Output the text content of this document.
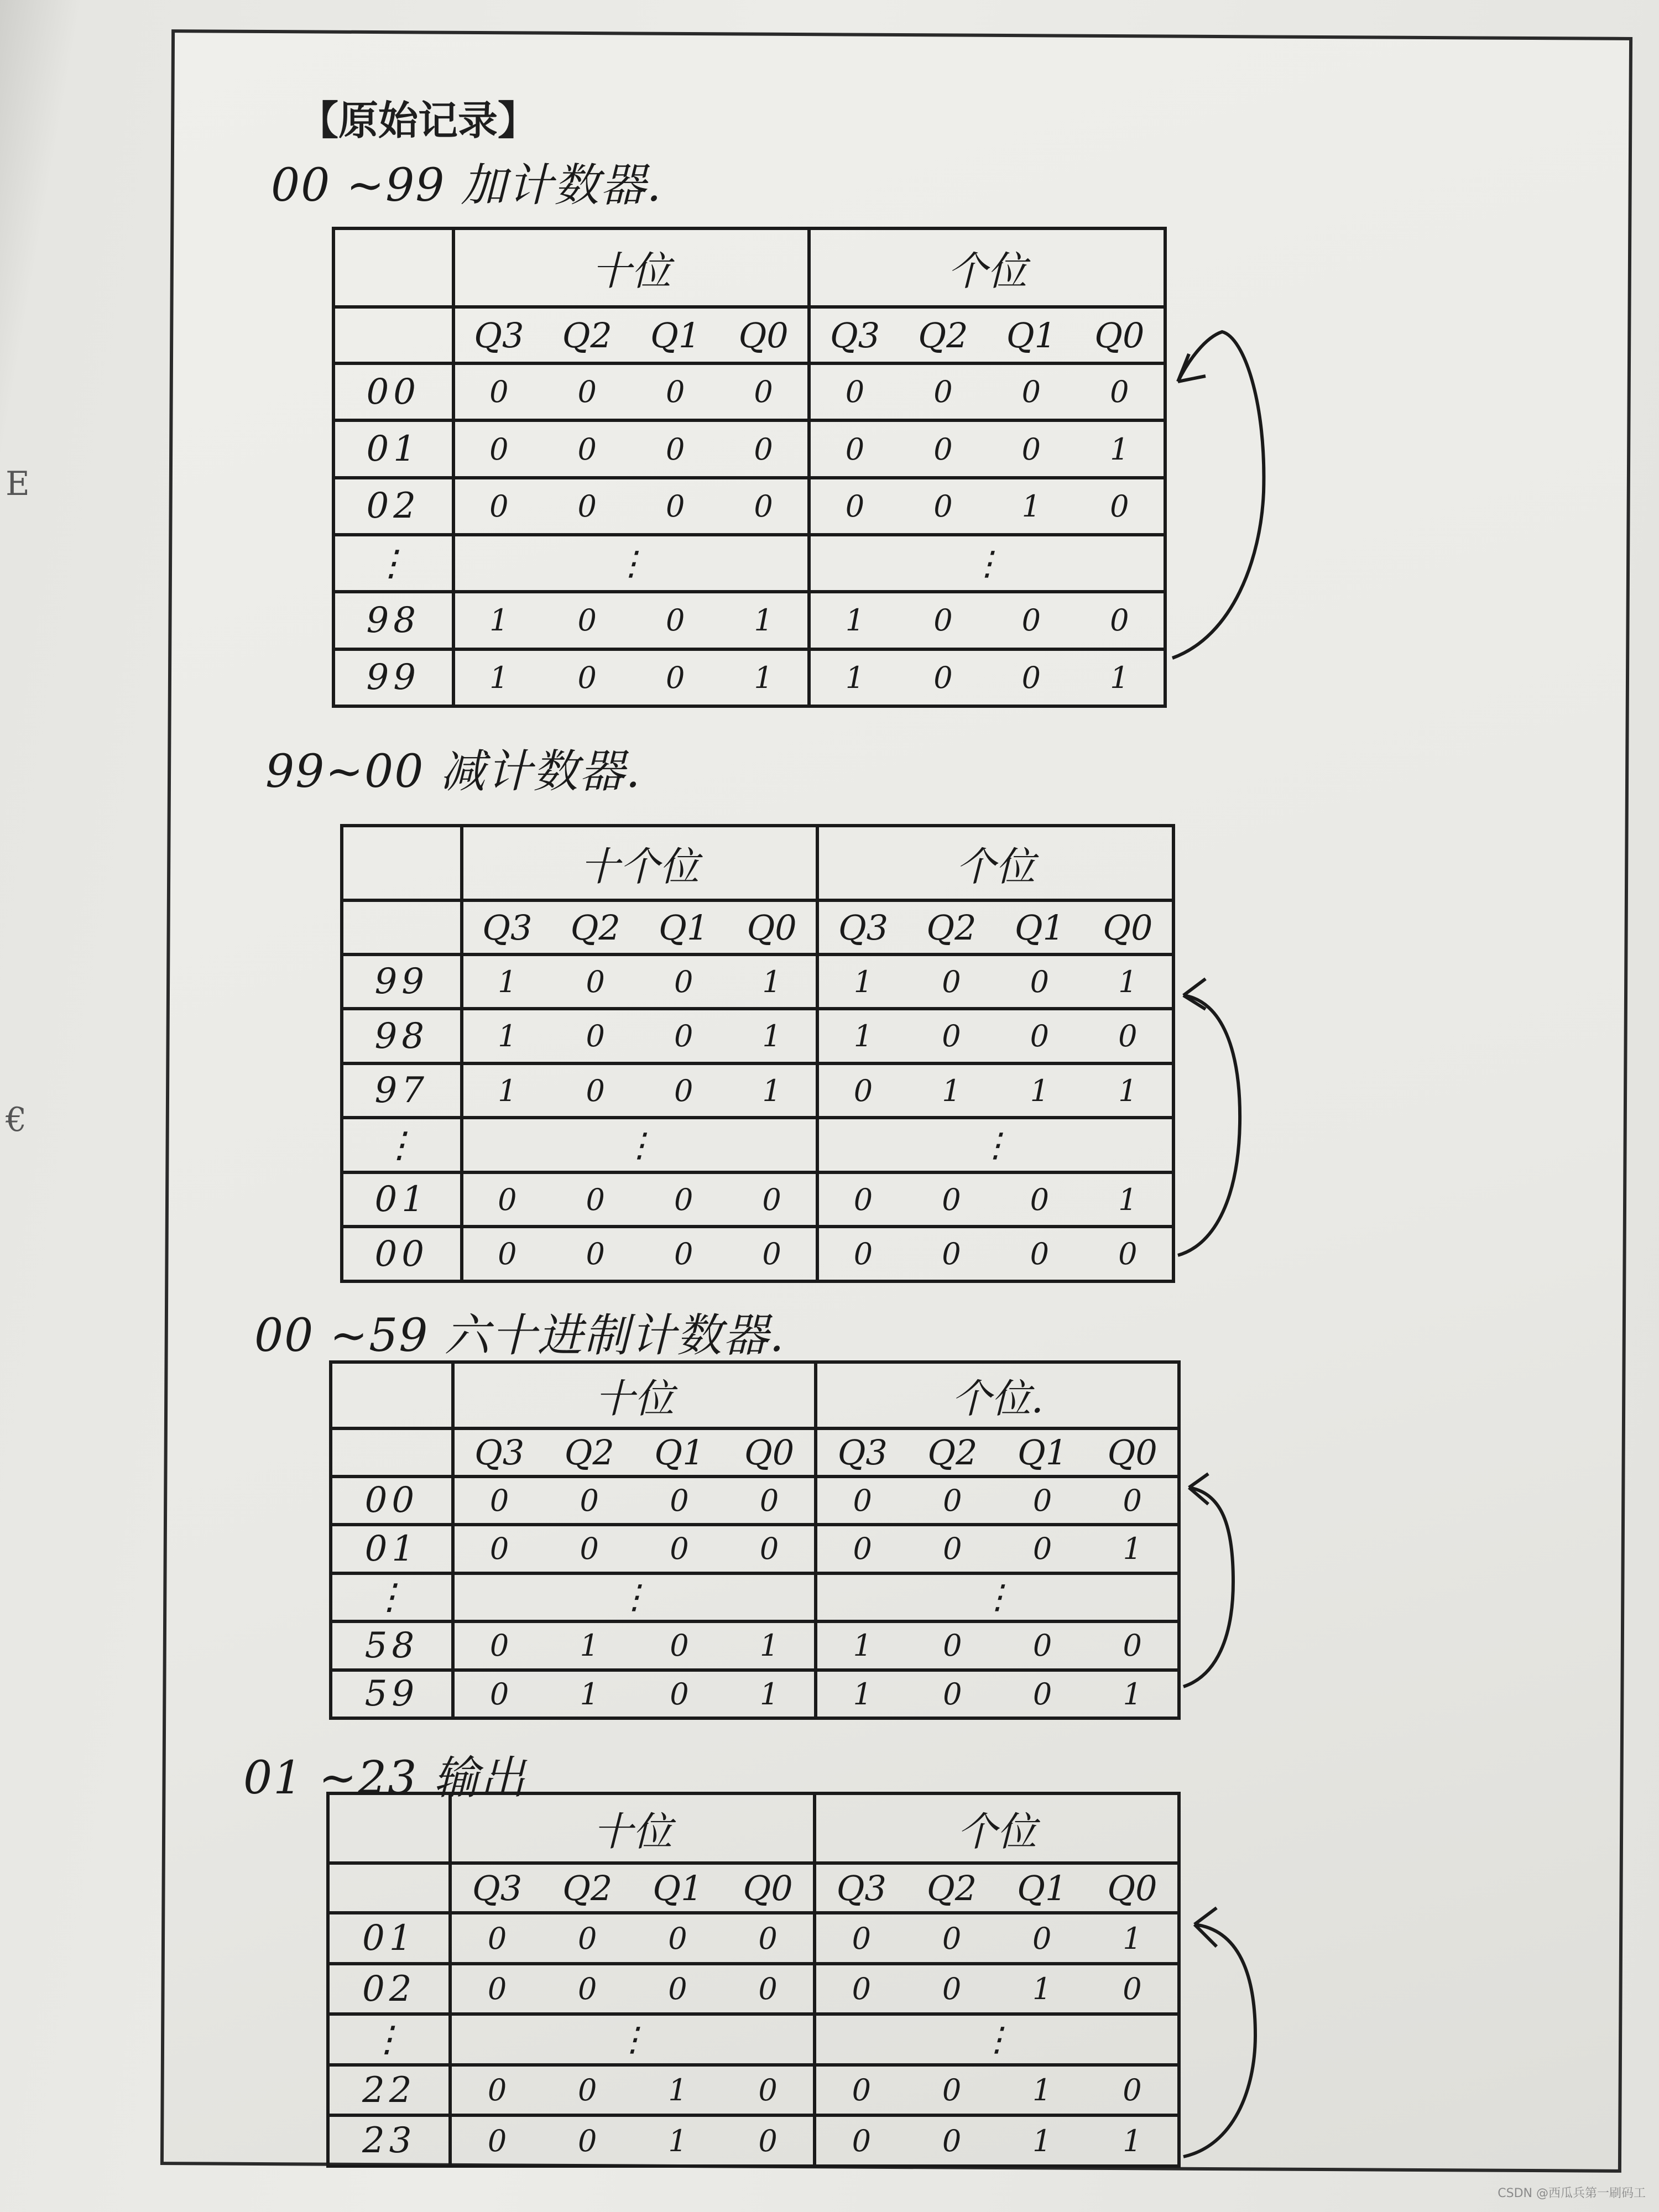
E
€
【原始记录】
00 ~99 加计数器.
	十位	个位

	Q3 Q2 Q1 Q0	Q3 Q2 Q1 Q0

00	0 0 0 0	0 0 0 0

01	0 0 0 0	0 0 0 1

02	0 0 0 0	0 0 1 0

⋮	⋮	⋮
98	1 0 0 1	1 0 0 0

99	1 0 0 1	1 0 0 1
99~00 减计数器.
	十个位	个位

	Q3 Q2 Q1 Q0	Q3 Q2 Q1 Q0

99	1 0 0 1	1 0 0 1

98	1 0 0 1	1 0 0 0

97	1 0 0 1	0 1 1 1

⋮	⋮	⋮
01	0 0 0 0	0 0 0 1

00	0 0 0 0	0 0 0 0
00 ~59 六十进制计数器.
	十位	个位.

	Q3 Q2 Q1 Q0	Q3 Q2 Q1 Q0

00	0 0 0 0	0 0 0 0

01	0 0 0 0	0 0 0 1

⋮	⋮	⋮
58	0 1 0 1	1 0 0 0

59	0 1 0 1	1 0 0 1
01 ~23 输出
	十位	个位

	Q3 Q2 Q1 Q0	Q3 Q2 Q1 Q0

01	0 0 0 0	0 0 0 1

02	0 0 0 0	0 0 1 0

⋮	⋮	⋮
22	0 0 1 0	0 0 1 0

23	0 0 1 0	0 0 1 1
CSDN @西瓜兵第一刷码工
